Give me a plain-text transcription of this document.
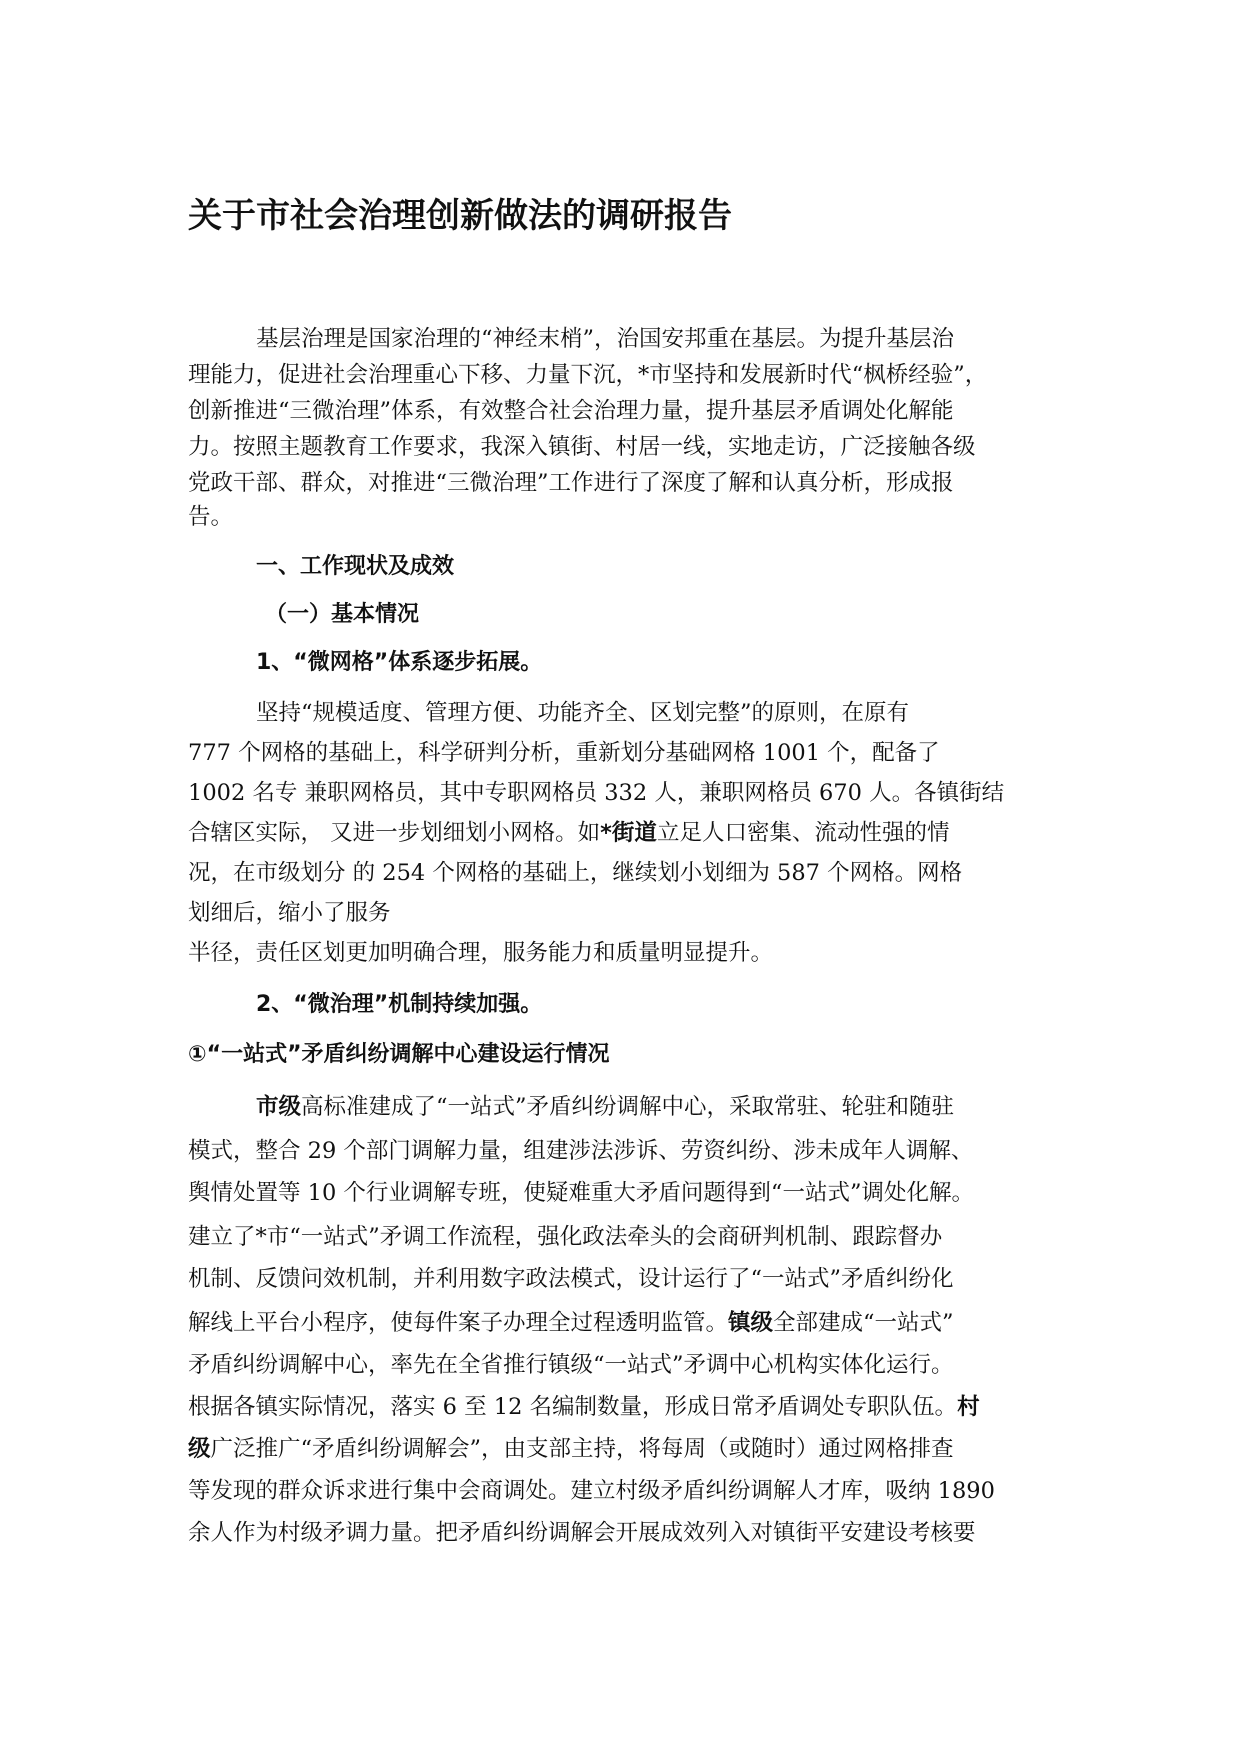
关于市社会治理创新做法的调研报告

基层治理是国家治理的“神经末梢”，治国安邦重在基层。为提升基层治

理能力，促进社会治理重心下移、力量下沉，*市坚持和发展新时代“枫桥经验”，

创新推进“三微治理”体系，有效整合社会治理力量，提升基层矛盾调处化解能

力。按照主题教育工作要求，我深入镇街、村居一线，实地走访，广泛接触各级

党政干部、群众，对推进“三微治理”工作进行了深度了解和认真分析，形成报

告。

一、工作现状及成效

（一）基本情况

1、“微网格”体系逐步拓展。

坚持“规模适度、管理方便、功能齐全、区划完整”的原则，在原有

777 个网格的基础上，科学研判分析，重新划分基础网格 1001 个，配备了

1002 名专 兼职网格员，其中专职网格员 332 人，兼职网格员 670 人。各镇街结

合辖区实际， 又进一步划细划小网格。如*街道立足人口密集、流动性强的情

况，在市级划分 的 254 个网格的基础上，继续划小划细为 587 个网格。网格

划细后，缩小了服务

半径，责任区划更加明确合理，服务能力和质量明显提升。

2、“微治理”机制持续加强。

①“一站式”矛盾纠纷调解中心建设运行情况

市级高标准建成了“一站式”矛盾纠纷调解中心，采取常驻、轮驻和随驻

模式，整合 29 个部门调解力量，组建涉法涉诉、劳资纠纷、涉未成年人调解、

舆情处置等 10 个行业调解专班，使疑难重大矛盾问题得到“一站式”调处化解。

建立了*市“一站式”矛调工作流程，强化政法牵头的会商研判机制、跟踪督办

机制、反馈问效机制，并利用数字政法模式，设计运行了“一站式”矛盾纠纷化

解线上平台小程序，使每件案子办理全过程透明监管。镇级全部建成“一站式”

矛盾纠纷调解中心，率先在全省推行镇级“一站式”矛调中心机构实体化运行。

根据各镇实际情况，落实 6 至 12 名编制数量，形成日常矛盾调处专职队伍。村

级广泛推广“矛盾纠纷调解会”，由支部主持，将每周（或随时）通过网格排查

等发现的群众诉求进行集中会商调处。建立村级矛盾纠纷调解人才库，吸纳 1890

余人作为村级矛调力量。把矛盾纠纷调解会开展成效列入对镇街平安建设考核要
